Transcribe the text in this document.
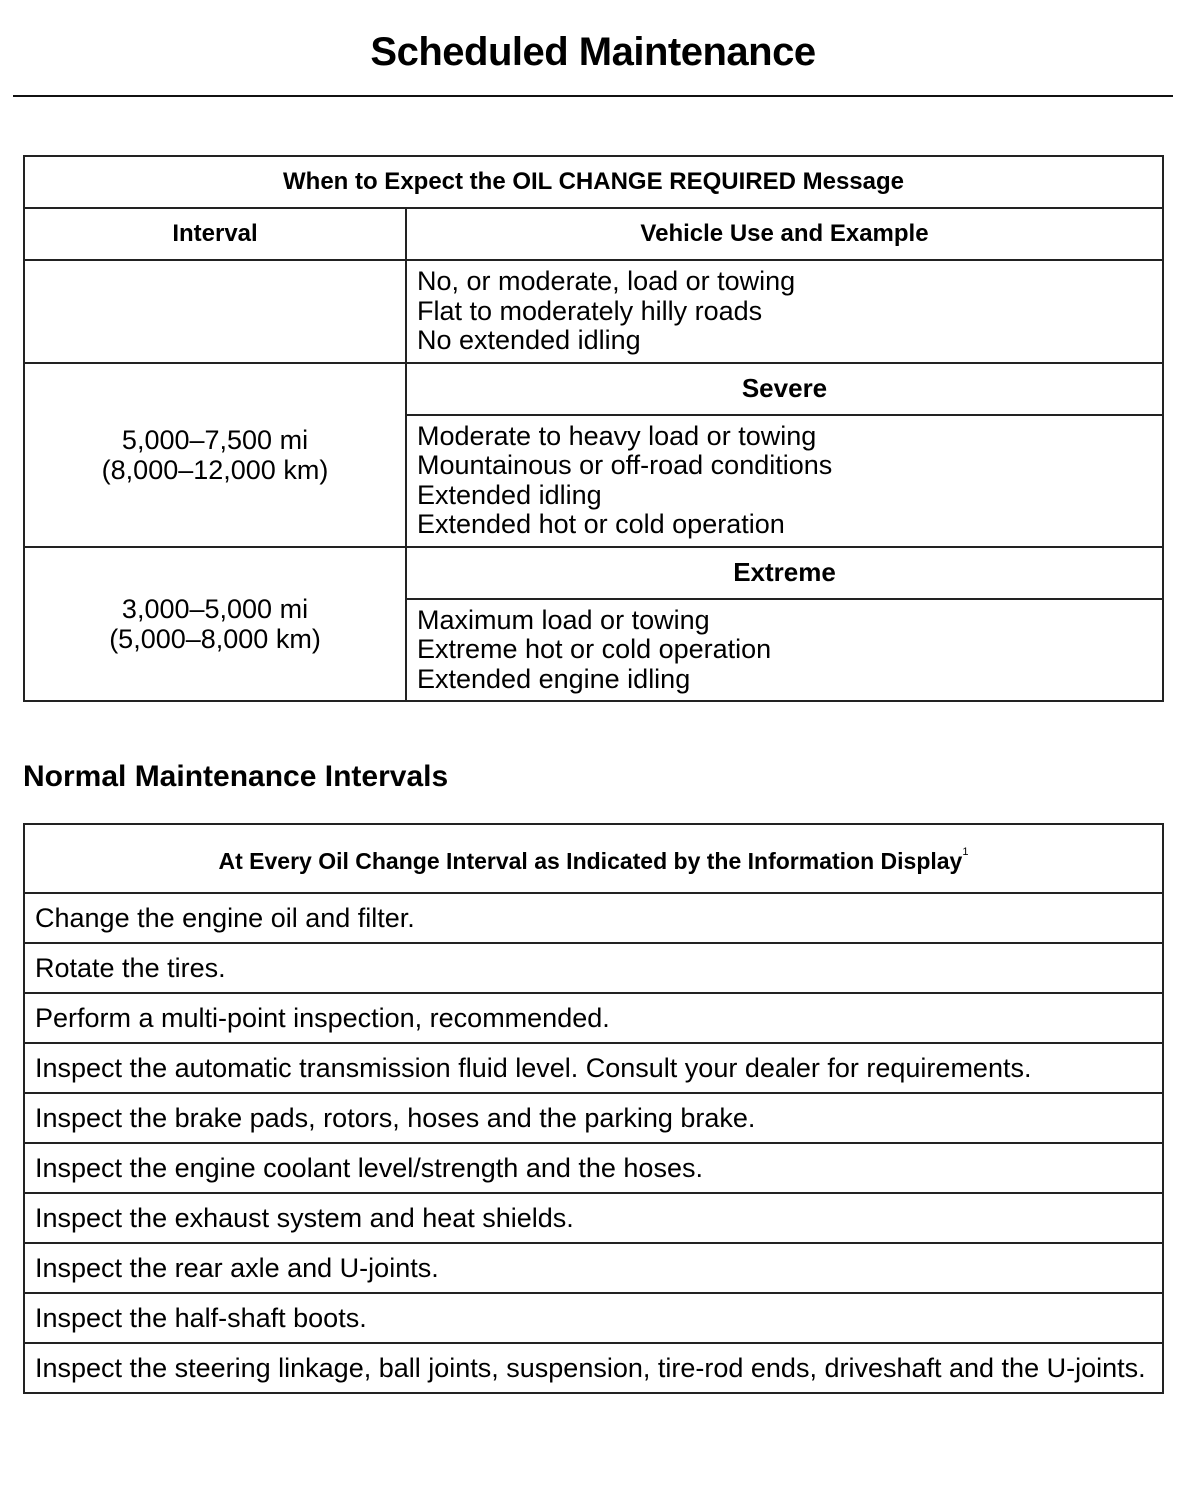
Scheduled Maintenance
When to Expect the OIL CHANGE REQUIRED Message	
Interval	Vehicle Use and Example

	No, or moderate, load or towing
Flat to moderately hilly roads
No extended idling

5,000–7,500 mi
(8,000–12,000 km)	Severe

	Moderate to heavy load or towing
Mountainous or off-road conditions
Extended idling
Extended hot or cold operation

3,000–5,000 mi
(5,000–8,000 km)	Extreme

	Maximum load or towing
Extreme hot or cold operation
Extended engine idling
Normal Maintenance Intervals
At Every Oil Change Interval as Indicated by the Information Display$^1$
Change the engine oil and filter.
Rotate the tires.
Perform a multi-point inspection, recommended.
Inspect the automatic transmission fluid level. Consult your dealer for requirements.
Inspect the brake pads, rotors, hoses and the parking brake.
Inspect the engine coolant level/strength and the hoses.
Inspect the exhaust system and heat shields.
Inspect the rear axle and U-joints.
Inspect the half-shaft boots.
Inspect the steering linkage, ball joints, suspension, tire-rod ends, driveshaft and the U-joints.
